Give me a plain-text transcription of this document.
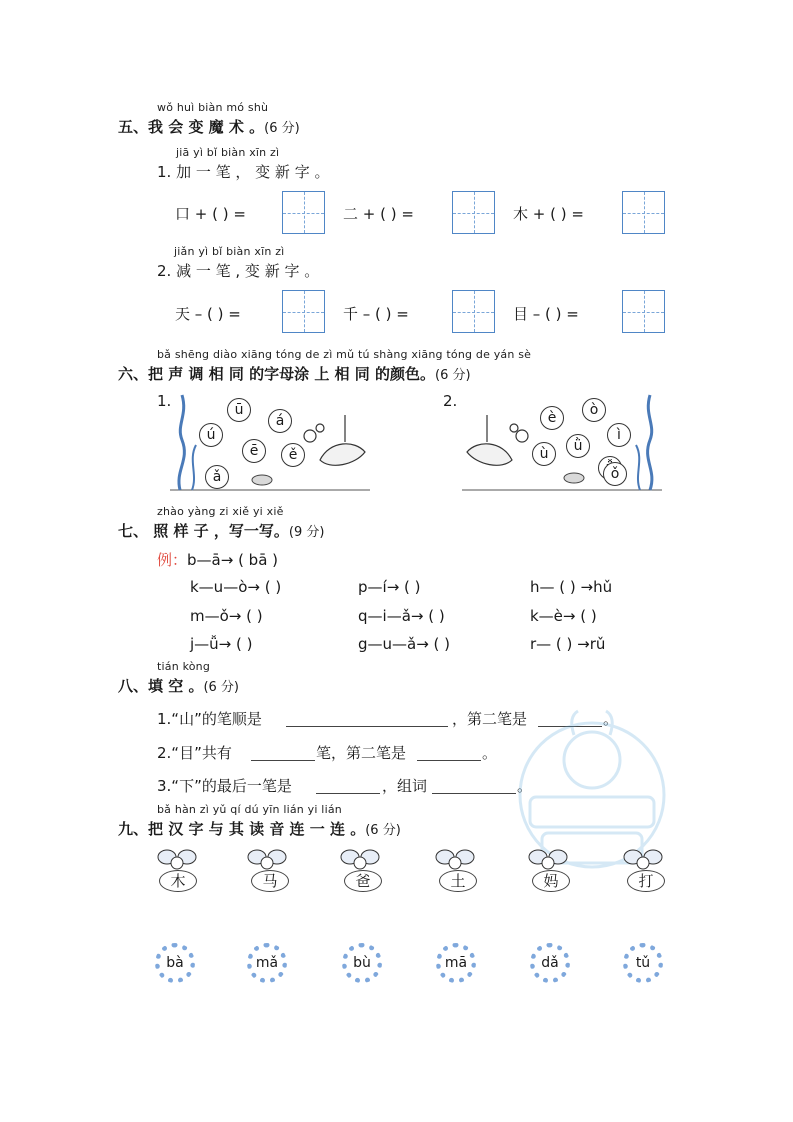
wǒ huì biàn mó shù
五、我 会 变 魔 术 。(6 分)
jiā yì bǐ biàn xīn zì
1. 加 一 笔 ， 变 新 字 。
口 + ( ) =	二 + ( ) =	木 + ( ) =
jiǎn yì bǐ biàn xīn zì
2. 减 一 笔 , 变 新 字 。
天 – ( ) =	千 – ( ) =	目 – ( ) =
bǎ shēng diào xiāng tóng de zì mǔ tú shàng xiāng tóng de yán sè
六、把 声 调 相 同 的字母涂 上 相 同 的颜色。(6 分)
1.	2.
ū
ú
á
ē	ě
ǎ
è	ò
ǜ
ì
ù
ǒ
zhào yàng zi xiě yi xiě
七、 照 样 子 ，写一写。(9 分)
例：b—ā→ ( bā )
k—u—ò→ ( )	p—í→ ( )	h— ( ) →hǔ
m—ǒ→ ( )	q—i—ǎ→ ( )	k—è→ ( )
j—ǚ→ ( )	g—u—ǎ→ ( )	r— ( ) →rǔ
tián kòng
八、填 空 。(6 分)
1.“山”的笔顺是	，第二笔是	。
2.“目”共有	笔，第二笔是	。
3.“下”的最后一笔是	，组词	。
bǎ hàn zì yǔ qí dú yīn lián yi lián
九、把 汉 字 与 其 读 音 连 一 连 。(6 分)
木	马	爸	土	妈	打
bà	mǎ	bù	mā	dǎ	tǔ
